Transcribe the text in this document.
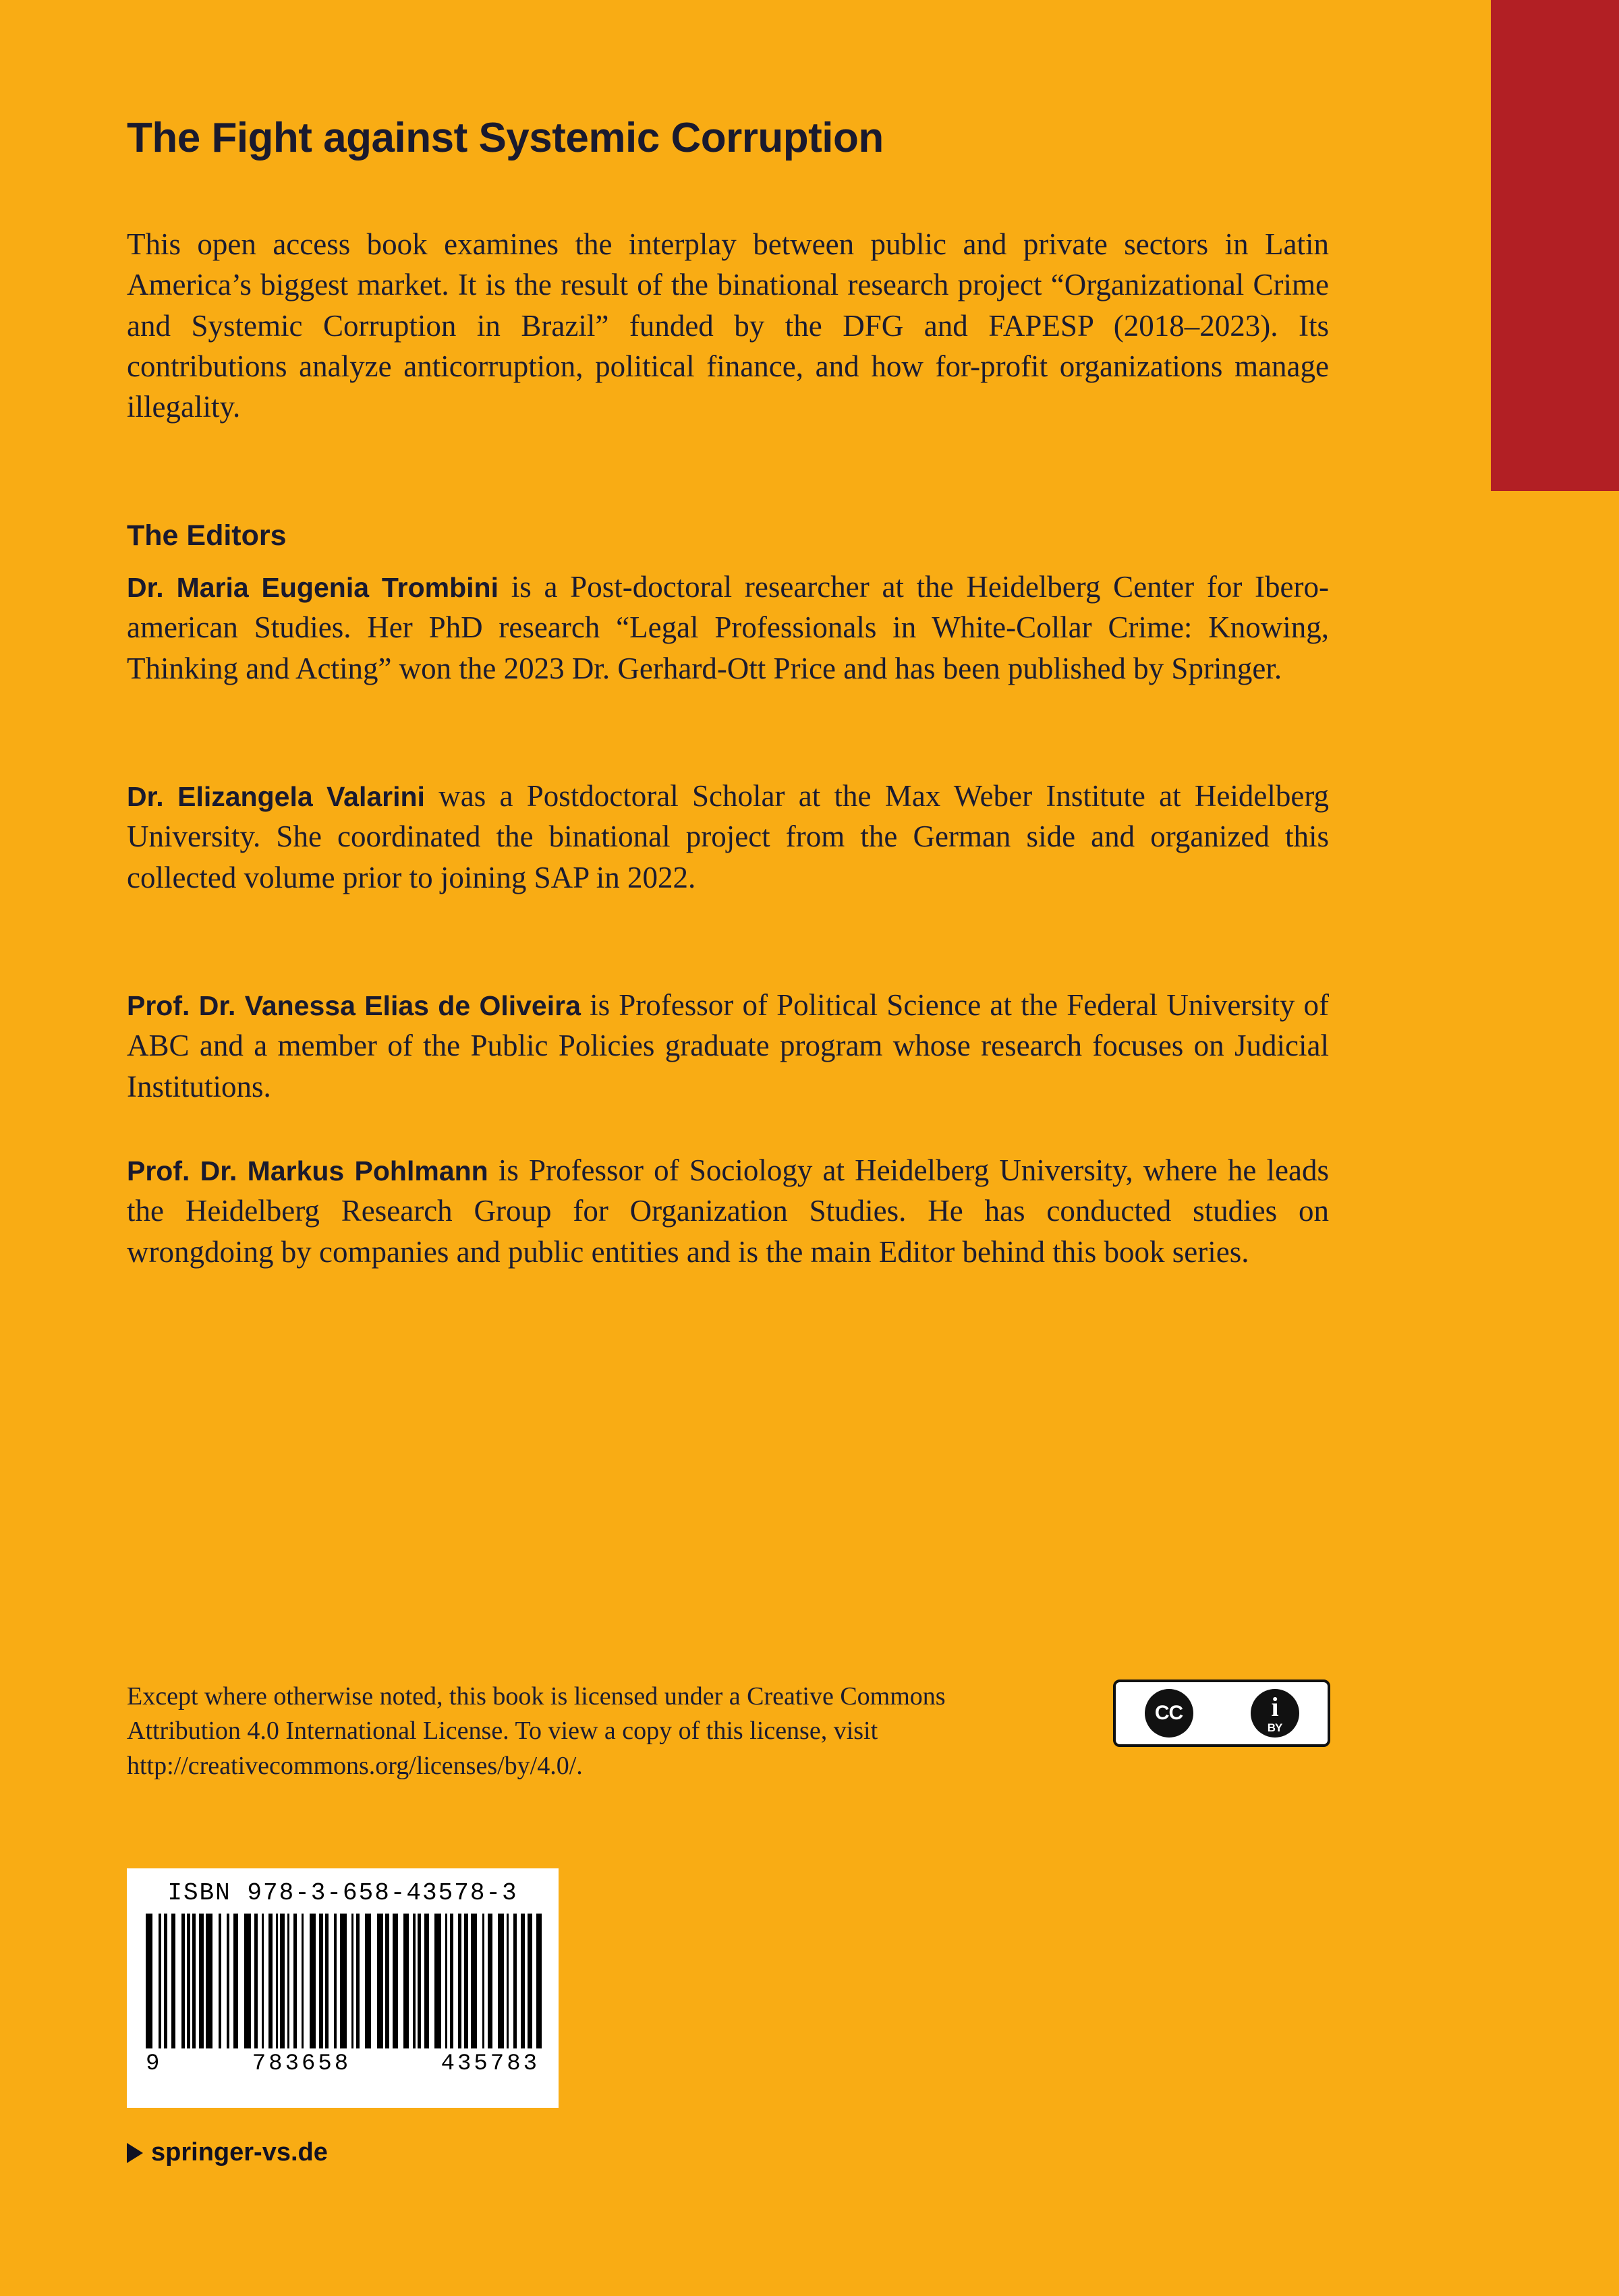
The Fight against Systemic Corruption
This open access book examines the interplay between public and private sectors in Latin America’s biggest market. It is the result of the binational research project “Organizational Crime and Systemic Corruption in Brazil” funded by the DFG and FAPESP (2018–2023). Its contributions analyze anticorruption, political finance, and how for-profit organizations manage illegality.
The Editors
Dr. Maria Eugenia Trombini is a Post-doctoral researcher at the Heidelberg Center for Ibero-american Studies. Her PhD research “Legal Professionals in White-Collar Crime: Knowing, Thinking and Acting” won the 2023 Dr. Gerhard-Ott Price and has been published by Springer.
Dr. Elizangela Valarini was a Postdoctoral Scholar at the Max Weber Institute at Heidelberg University. She coordinated the binational project from the German side and organized this collected volume prior to joining SAP in 2022.
Prof. Dr. Vanessa Elias de Oliveira is Professor of Political Science at the Federal University of ABC and a member of the Public Policies graduate program whose research focuses on Judicial Institutions.
Prof. Dr. Markus Pohlmann is Professor of Sociology at Heidelberg University, where he leads the Heidelberg Research Group for Organization Studies. He has conducted studies on wrongdoing by companies and public entities and is the main Editor behind this book series.
Except where otherwise noted, this book is licensed under a Creative Commons Attribution 4.0 International License. To view a copy of this license, visit http://creativecommons.org/licenses/by/4.0/.
CC	i
BY
ISBN 978-3-658-43578-3
9	783658	435783
springer-vs.de
